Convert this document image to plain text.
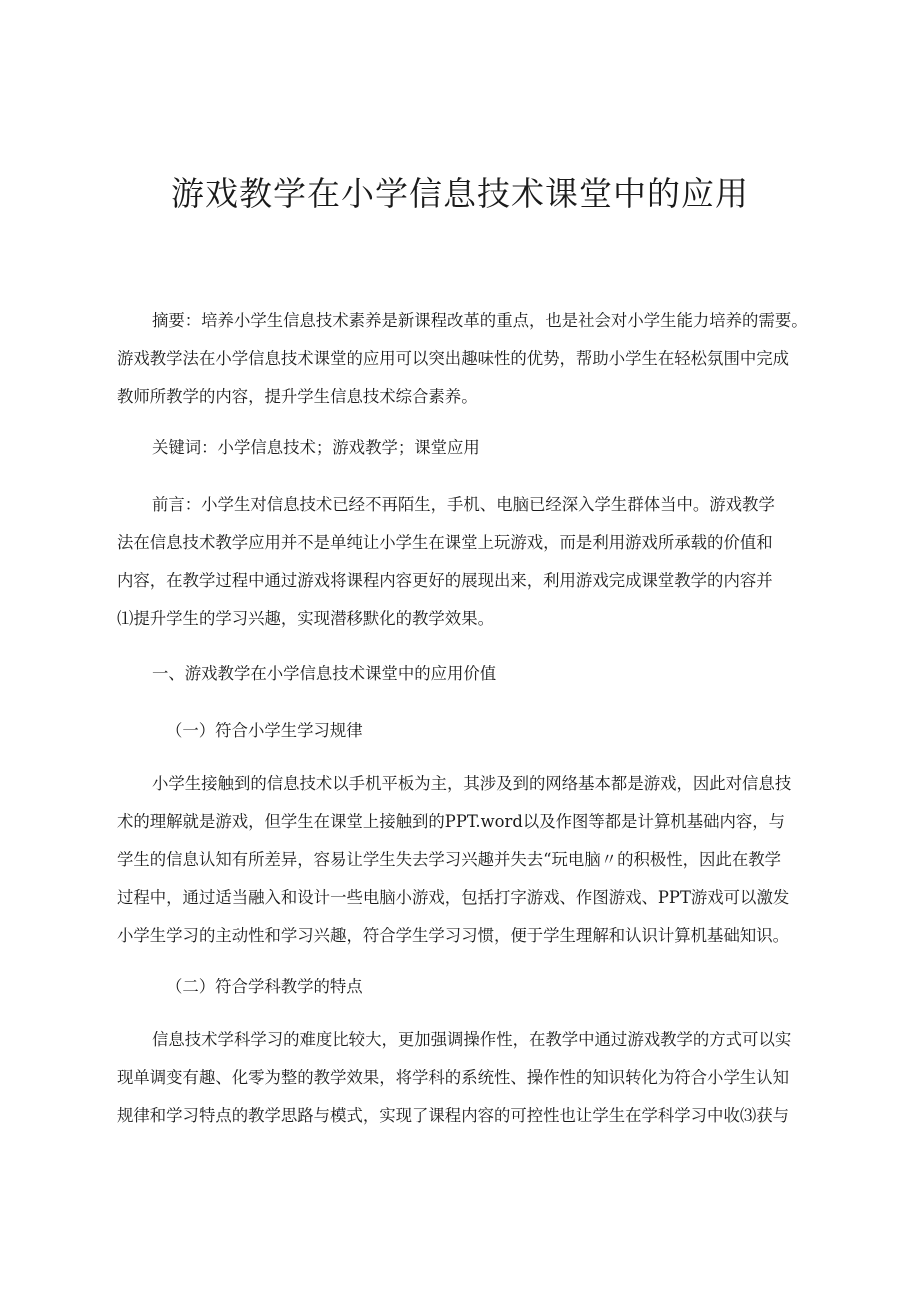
游戏教学在小学信息技术课堂中的应用
摘要：培养小学生信息技术素养是新课程改革的重点，也是社会对小学生能力培养的需要。
游戏教学法在小学信息技术课堂的应用可以突出趣味性的优势，帮助小学生在轻松氛围中完成
教师所教学的内容，提升学生信息技术综合素养。
关键词：小学信息技术；游戏教学；课堂应用
前言：小学生对信息技术已经不再陌生，手机、电脑已经深入学生群体当中。游戏教学
法在信息技术教学应用并不是单纯让小学生在课堂上玩游戏，而是利用游戏所承载的价值和
内容，在教学过程中通过游戏将课程内容更好的展现出来，利用游戏完成课堂教学的内容并
⑴提升学生的学习兴趣，实现潜移默化的教学效果。
一、游戏教学在小学信息技术课堂中的应用价值
（一）符合小学生学习规律
小学生接触到的信息技术以手机平板为主，其涉及到的网络基本都是游戏，因此对信息技
术的理解就是游戏，但学生在课堂上接触到的PPT.word以及作图等都是计算机基础内容，与
学生的信息认知有所差异，容易让学生失去学习兴趣并失去“玩电脑〃的积极性，因此在教学
过程中，通过适当融入和设计一些电脑小游戏，包括打字游戏、作图游戏、PPT游戏可以激发
小学生学习的主动性和学习兴趣，符合学生学习习惯，便于学生理解和认识计算机基础知识。
（二）符合学科教学的特点
信息技术学科学习的难度比较大，更加强调操作性，在教学中通过游戏教学的方式可以实
现单调变有趣、化零为整的教学效果，将学科的系统性、操作性的知识转化为符合小学生认知
规律和学习特点的教学思路与模式，实现了课程内容的可控性也让学生在学科学习中收⑶获与
